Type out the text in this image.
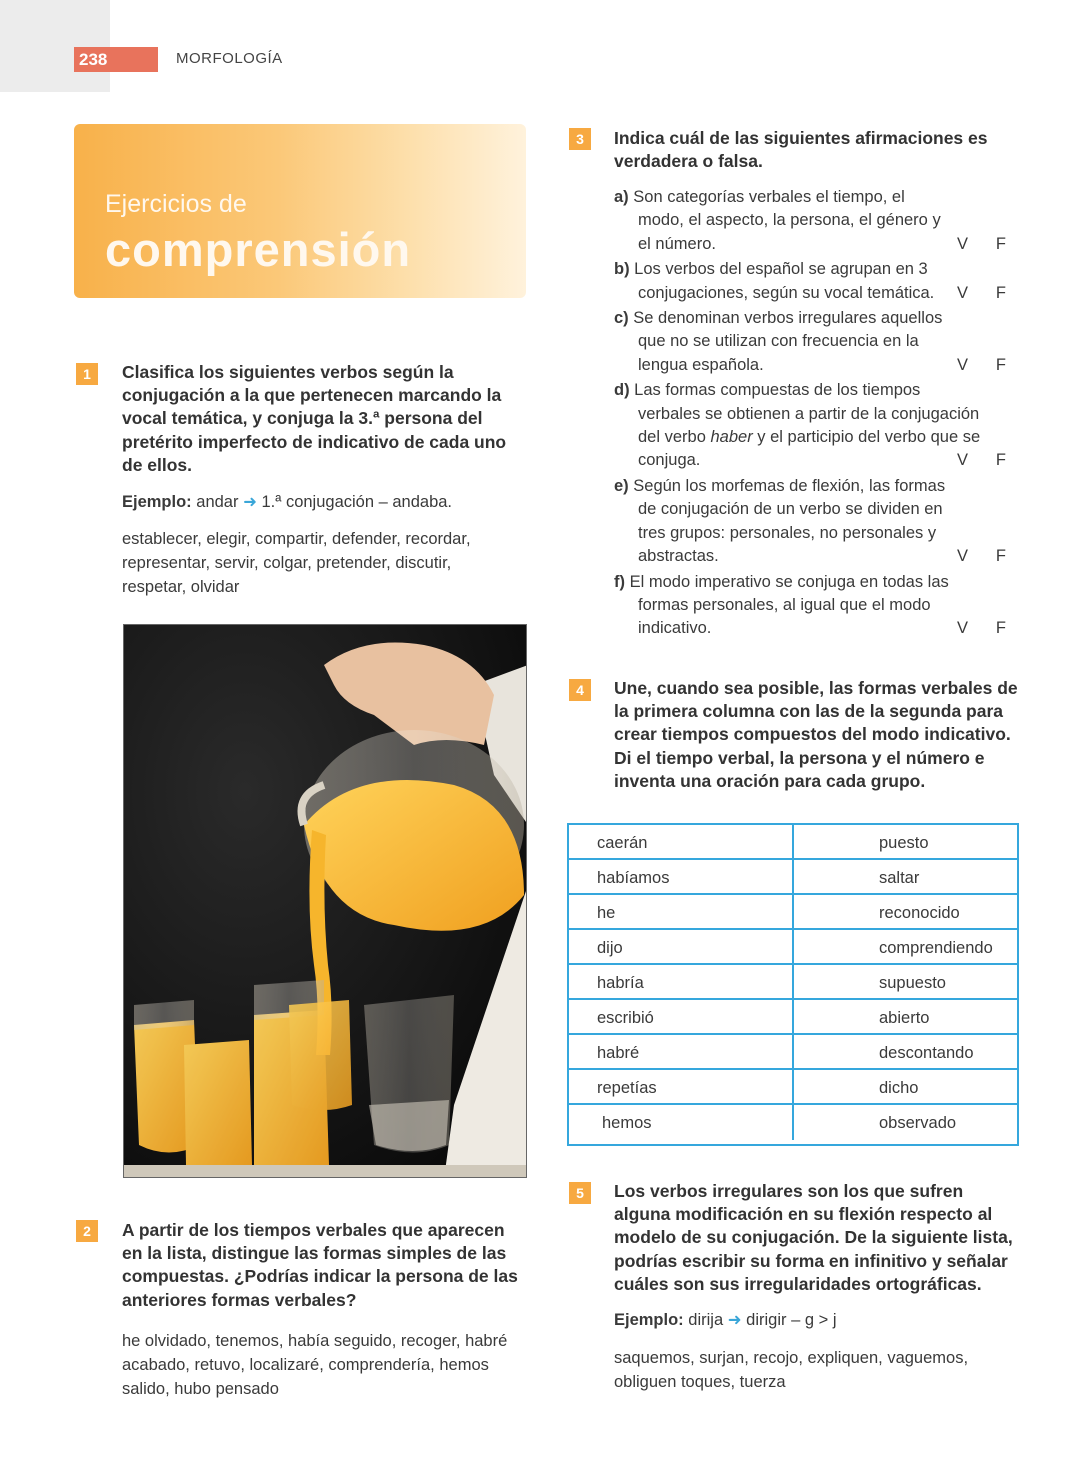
238	MORFOLOGÍA
Ejercicios de
comprensión
1	Clasifica los siguientes verbos según la conjugación a la que pertenecen marcando la vocal temática, y conjuga la 3.ª persona del pretérito imperfecto de indicativo de cada uno de ellos.
Ejemplo: andar ➜ 1.ª conjugación – andaba.
establecer, elegir, compartir, defender, recordar, representar, servir, colgar, pretender, discutir, respetar, olvidar
2	A partir de los tiempos verbales que aparecen en la lista, distingue las formas simples de las compuestas. ¿Podrías indicar la persona de las anteriores formas verbales?
he olvidado, tenemos, había seguido, recoger, habré acabado, retuvo, localizaré, comprendería, hemos salido, hubo pensado
3	Indica cuál de las siguientes afirmaciones es verdadera o falsa.
a) Son categorías verbales el tiempo, el modo, el aspecto, la persona, el género y el número.	V F
b) Los verbos del español se agrupan en 3 conjugaciones, según su vocal temática.	V F
c) Se denominan verbos irregulares aquellos que no se utilizan con frecuencia en la lengua española.	V F
d) Las formas compuestas de los tiempos verbales se obtienen a partir de la conjugación del verbo haber y el participio del verbo que se conjuga.	V F
e) Según los morfemas de flexión, las formas de conjugación de un verbo se dividen en tres grupos: personales, no personales y abstractas.	V F
f) El modo imperativo se conjuga en todas las formas personales, al igual que el modo indicativo.	V F
4	Une, cuando sea posible, las formas verbales de la primera columna con las de la segunda para crear tiempos compuestos del modo indicativo. Di el tiempo verbal, la persona y el número e inventa una oración para cada grupo.
caerán	puesto
habíamos	saltar
he	reconocido
dijo	comprendiendo
habría	supuesto
escribió	abierto
habré	descontando
repetías	dicho
hemos	observado
5	Los verbos irregulares son los que sufren alguna modificación en su flexión respecto al modelo de su conjugación. De la siguiente lista, podrías escribir su forma en infinitivo y señalar cuáles son sus irregularidades ortográficas.
Ejemplo: dirija ➜ dirigir – g > j
saquemos, surjan, recojo, expliquen, vaguemos, obliguen toques, tuerza
